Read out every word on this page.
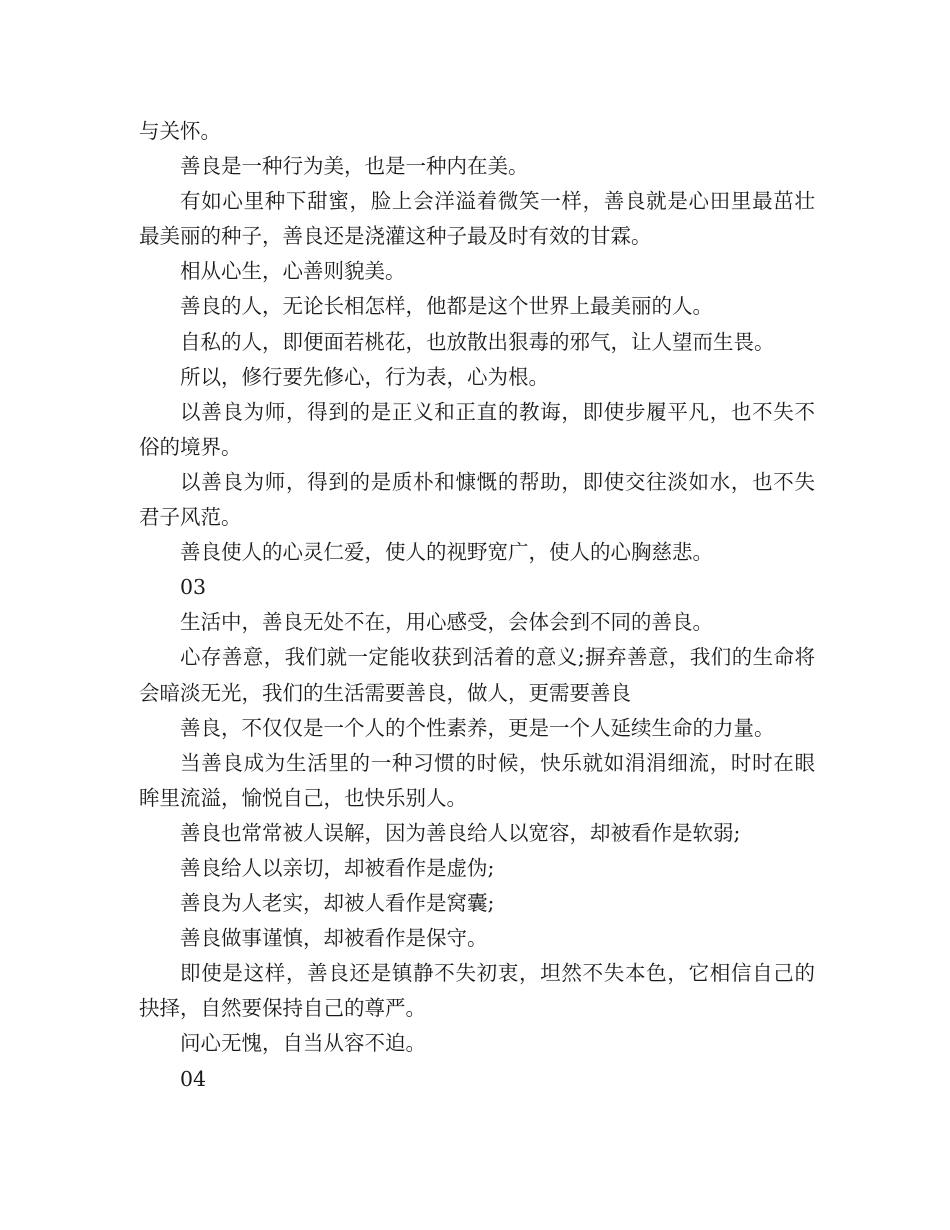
与关怀。

善良是一种行为美，也是一种内在美。

有如心里种下甜蜜，脸上会洋溢着微笑一样，善良就是心田里最茁壮最美丽的种子，善良还是浇灌这种子最及时有效的甘霖。

相从心生，心善则貌美。

善良的人，无论长相怎样，他都是这个世界上最美丽的人。

自私的人，即便面若桃花，也放散出狠毒的邪气，让人望而生畏。

所以，修行要先修心，行为表，心为根。

以善良为师，得到的是正义和正直的教诲，即使步履平凡，也不失不俗的境界。

以善良为师，得到的是质朴和慷慨的帮助，即使交往淡如水，也不失君子风范。

善良使人的心灵仁爱，使人的视野宽广，使人的心胸慈悲。

03

生活中，善良无处不在，用心感受，会体会到不同的善良。

心存善意，我们就一定能收获到活着的意义;摒弃善意，我们的生命将会暗淡无光，我们的生活需要善良，做人，更需要善良

善良，不仅仅是一个人的个性素养，更是一个人延续生命的力量。

当善良成为生活里的一种习惯的时候，快乐就如涓涓细流，时时在眼眸里流溢，愉悦自己，也快乐别人。

善良也常常被人误解，因为善良给人以宽容，却被看作是软弱;

善良给人以亲切，却被看作是虚伪;

善良为人老实，却被人看作是窝囊;

善良做事谨慎，却被看作是保守。

即使是这样，善良还是镇静不失初衷，坦然不失本色，它相信自己的抉择，自然要保持自己的尊严。

问心无愧，自当从容不迫。

04
